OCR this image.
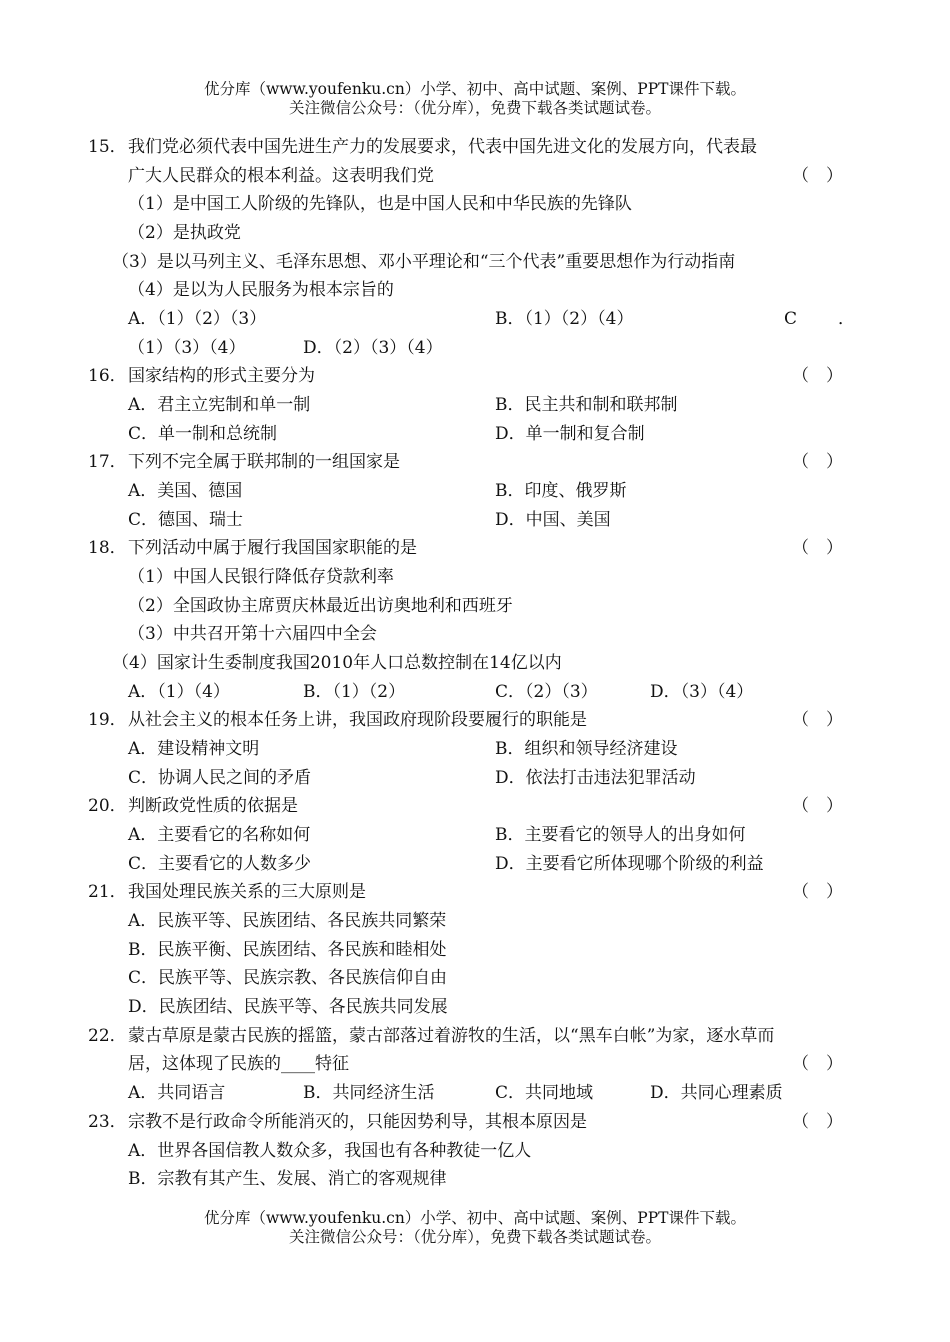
优分库（www.youfenku.cn）小学、初中、高中试题、案例、PPT课件下载。
关注微信公众号：（优分库），免费下载各类试题试卷。
15． 我们党必须代表中国先进生产力的发展要求，代表中国先进文化的发展方向，代表最
广大人民群众的根本利益。这表明我们党	（　）
（1）是中国工人阶级的先锋队，也是中国人民和中华民族的先锋队
（2）是执政党
（3）是以马列主义、毛泽东思想、邓小平理论和“三个代表”重要思想作为行动指南
（4）是以为人民服务为根本宗旨的
A．（1）（2）（3）	B．（1）（2）（4）	C ．
（1）（3）（4）	D．（2）（3）（4）
16． 国家结构的形式主要分为	（　）
A．君主立宪制和单一制	B．民主共和制和联邦制
C．单一制和总统制	D．单一制和复合制
17． 下列不完全属于联邦制的一组国家是	（　）
A．美国、德国	B．印度、俄罗斯
C．德国、瑞士	D．中国、美国
18． 下列活动中属于履行我国国家职能的是	（　）
（1）中国人民银行降低存贷款利率
（2）全国政协主席贾庆林最近出访奥地利和西班牙
（3）中共召开第十六届四中全会
（4）国家计生委制度我国2010年人口总数控制在14亿以内
A．（1）（4）	B．（1）（2）	C．（2）（3）	D．（3）（4）
19． 从社会主义的根本任务上讲，我国政府现阶段要履行的职能是	（　）
A．建设精神文明	B．组织和领导经济建设
C．协调人民之间的矛盾	D．依法打击违法犯罪活动
20． 判断政党性质的依据是	（　）
A．主要看它的名称如何	B．主要看它的领导人的出身如何
C．主要看它的人数多少	D．主要看它所体现哪个阶级的利益
21． 我国处理民族关系的三大原则是	（　）
A．民族平等、民族团结、各民族共同繁荣
B．民族平衡、民族团结、各民族和睦相处
C．民族平等、民族宗教、各民族信仰自由
D．民族团结、民族平等、各民族共同发展
22． 蒙古草原是蒙古民族的摇篮，蒙古部落过着游牧的生活，以“黑车白帐”为家，逐水草而
居，这体现了民族的____特征	（　）
A．共同语言	B．共同经济生活	C．共同地域	D．共同心理素质
23． 宗教不是行政命令所能消灭的，只能因势利导，其根本原因是	（　）
A．世界各国信教人数众多，我国也有各种教徒一亿人
B．宗教有其产生、发展、消亡的客观规律
优分库（www.youfenku.cn）小学、初中、高中试题、案例、PPT课件下载。
关注微信公众号：（优分库），免费下载各类试题试卷。
